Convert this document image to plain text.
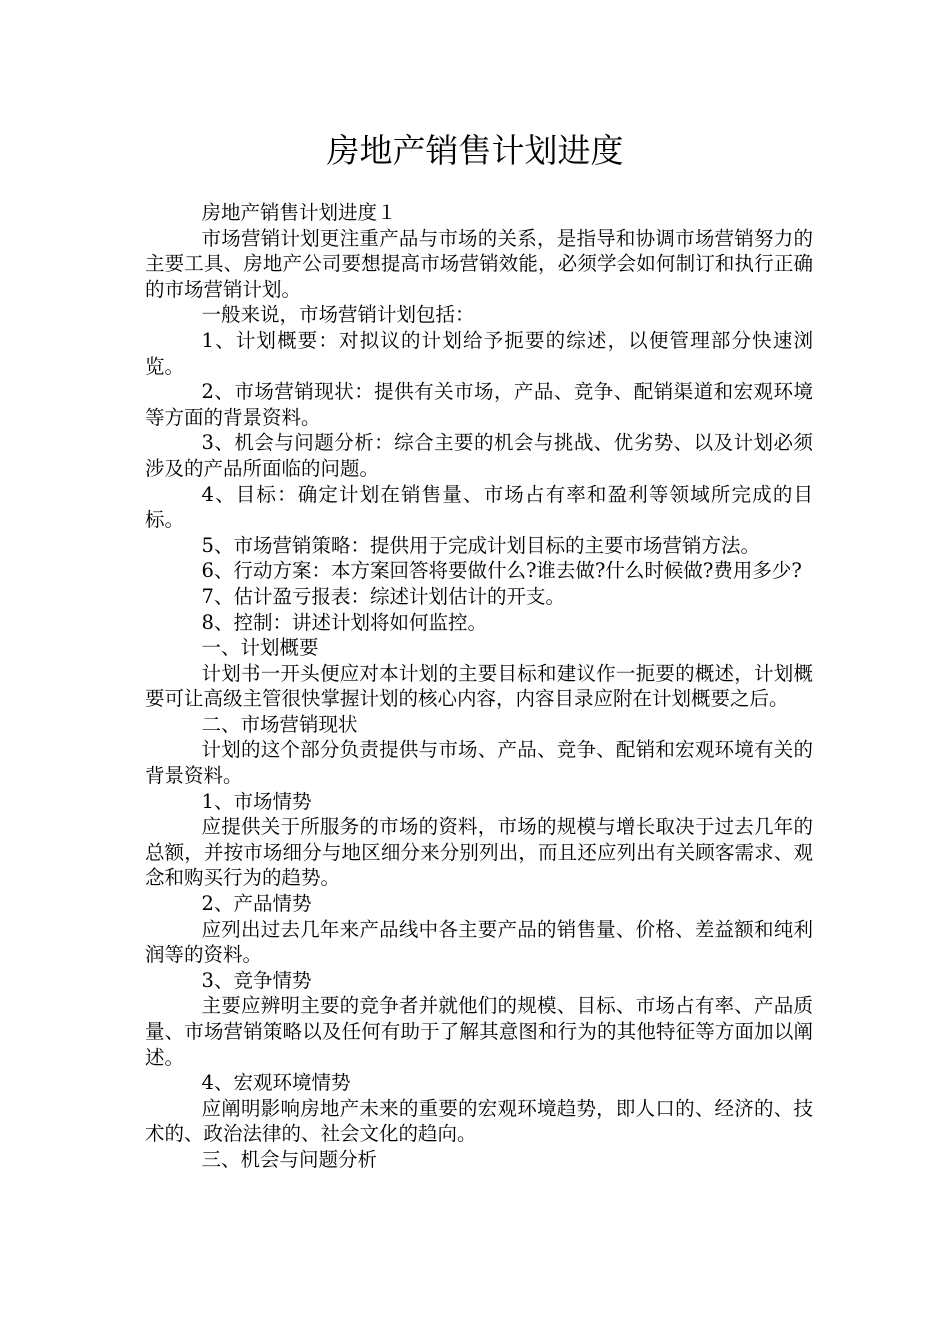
房地产销售计划进度

房地产销售计划进度１

市场营销计划更注重产品与市场的关系，是指导和协调市场营销努力的主要工具、房地产公司要想提高市场营销效能，必须学会如何制订和执行正确的市场营销计划。

一般来说，市场营销计划包括：

1、计划概要：对拟议的计划给予扼要的综述，以便管理部分快速浏览。

2、市场营销现状：提供有关市场，产品、竞争、配销渠道和宏观环境等方面的背景资料。

3、机会与问题分析：综合主要的机会与挑战、优劣势、以及计划必须涉及的产品所面临的问题。

4、目标：确定计划在销售量、市场占有率和盈利等领域所完成的目标。

5、市场营销策略：提供用于完成计划目标的主要市场营销方法。

6、行动方案：本方案回答将要做什么?谁去做?什么时候做?费用多少?

7、估计盈亏报表：综述计划估计的开支。

8、控制：讲述计划将如何监控。

一、计划概要

计划书一开头便应对本计划的主要目标和建议作一扼要的概述，计划概要可让高级主管很快掌握计划的核心内容，内容目录应附在计划概要之后。

二、市场营销现状

计划的这个部分负责提供与市场、产品、竞争、配销和宏观环境有关的背景资料。

1、市场情势

应提供关于所服务的市场的资料，市场的规模与增长取决于过去几年的总额，并按市场细分与地区细分来分别列出，而且还应列出有关顾客需求、观念和购买行为的趋势。

2、产品情势

应列出过去几年来产品线中各主要产品的销售量、价格、差益额和纯利润等的资料。

3、竞争情势

主要应辨明主要的竞争者并就他们的规模、目标、市场占有率、产品质量、市场营销策略以及任何有助于了解其意图和行为的其他特征等方面加以阐述。

4、宏观环境情势

应阐明影响房地产未来的重要的宏观环境趋势，即人口的、经济的、技术的、政治法律的、社会文化的趋向。

三、机会与问题分析
